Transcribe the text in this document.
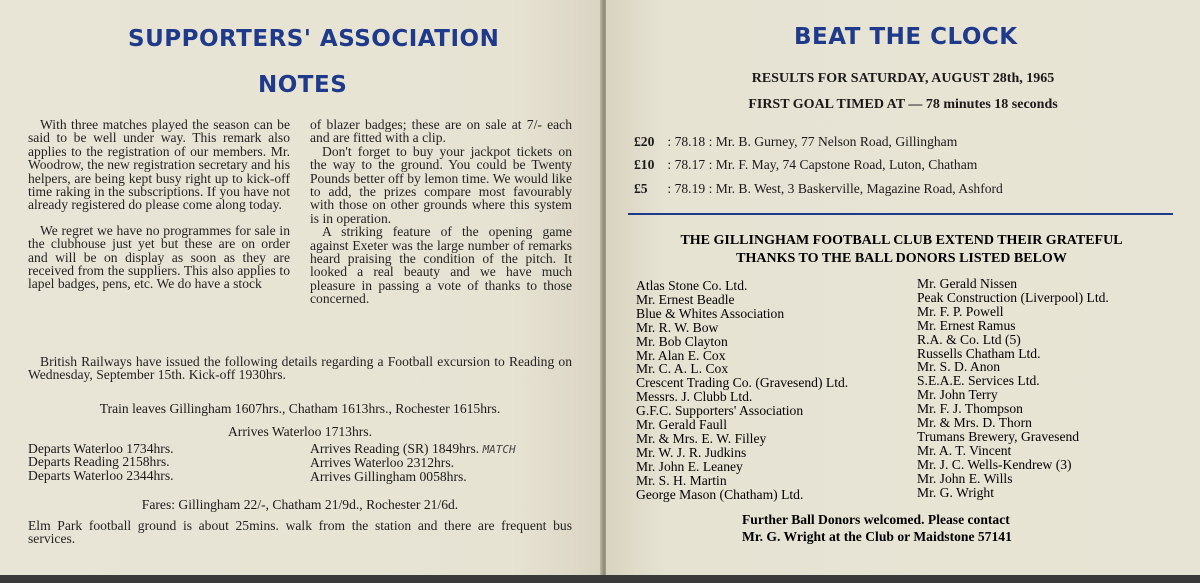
SUPPORTERS' ASSOCIATION
NOTES

With three matches played the season can be said to be well under way. This remark also applies to the registration of our members. Mr. Woodrow, the new registration secretary and his helpers, are being kept busy right up to kick-off time raking in the subscriptions. If you have not already registered do please come along today.

We regret we have no programmes for sale in the clubhouse just yet but these are on order and will be on display as soon as they are received from the suppliers. This also applies to lapel badges, pens, etc. We do have a stock

of blazer badges; these are on sale at 7/- each and are fitted with a clip.

Don't forget to buy your jackpot tickets on the way to the ground. You could be Twenty Pounds better off by lemon time. We would like to add, the prizes compare most favourably with those on other grounds where this system is in operation.

A striking feature of the opening game against Exeter was the large number of remarks heard praising the condition of the pitch. It looked a real beauty and we have much pleasure in passing a vote of thanks to those concerned.

British Railways have issued the following details regarding a Football excursion to Reading on Wednesday, September 15th. Kick-off 1930hrs.

Train leaves Gillingham 1607hrs., Chatham 1613hrs., Rochester 1615hrs.
Arrives Waterloo 1713hrs.
Departs Waterloo 1734hrs.
Departs Reading 2158hrs.
Departs Waterloo 2344hrs.
Arrives Reading (SR) 1849hrs. MATCH
Arrives Waterloo 2312hrs.
Arrives Gillingham 0058hrs.
Fares: Gillingham 22/-, Chatham 21/9d., Rochester 21/6d.

Elm Park football ground is about 25mins. walk from the station and there are frequent bus services.

BEAT THE CLOCK
RESULTS FOR SATURDAY, AUGUST 28th, 1965
FIRST GOAL TIMED AT — 78 minutes 18 seconds
£20 : 78.18 : Mr. B. Gurney, 77 Nelson Road, Gillingham
£10 : 78.17 : Mr. F. May, 74 Capstone Road, Luton, Chatham
£5 : 78.19 : Mr. B. West, 3 Baskerville, Magazine Road, Ashford
THE GILLINGHAM FOOTBALL CLUB EXTEND THEIR GRATEFUL
THANKS TO THE BALL DONORS LISTED BELOW
Atlas Stone Co. Ltd.
Mr. Ernest Beadle
Blue & Whites Association
Mr. R. W. Bow
Mr. Bob Clayton
Mr. Alan E. Cox
Mr. C. A. L. Cox
Crescent Trading Co. (Gravesend) Ltd.
Messrs. J. Clubb Ltd.
G.F.C. Supporters' Association
Mr. Gerald Faull
Mr. & Mrs. E. W. Filley
Mr. W. J. R. Judkins
Mr. John E. Leaney
Mr. S. H. Martin
George Mason (Chatham) Ltd.
Mr. Gerald Nissen
Peak Construction (Liverpool) Ltd.
Mr. F. P. Powell
Mr. Ernest Ramus
R.A. & Co. Ltd (5)
Russells Chatham Ltd.
Mr. S. D. Anon
S.E.A.E. Services Ltd.
Mr. John Terry
Mr. F. J. Thompson
Mr. & Mrs. D. Thorn
Trumans Brewery, Gravesend
Mr. A. T. Vincent
Mr. J. C. Wells-Kendrew (3)
Mr. John E. Wills
Mr. G. Wright
Further Ball Donors welcomed. Please contact
Mr. G. Wright at the Club or Maidstone 57141
